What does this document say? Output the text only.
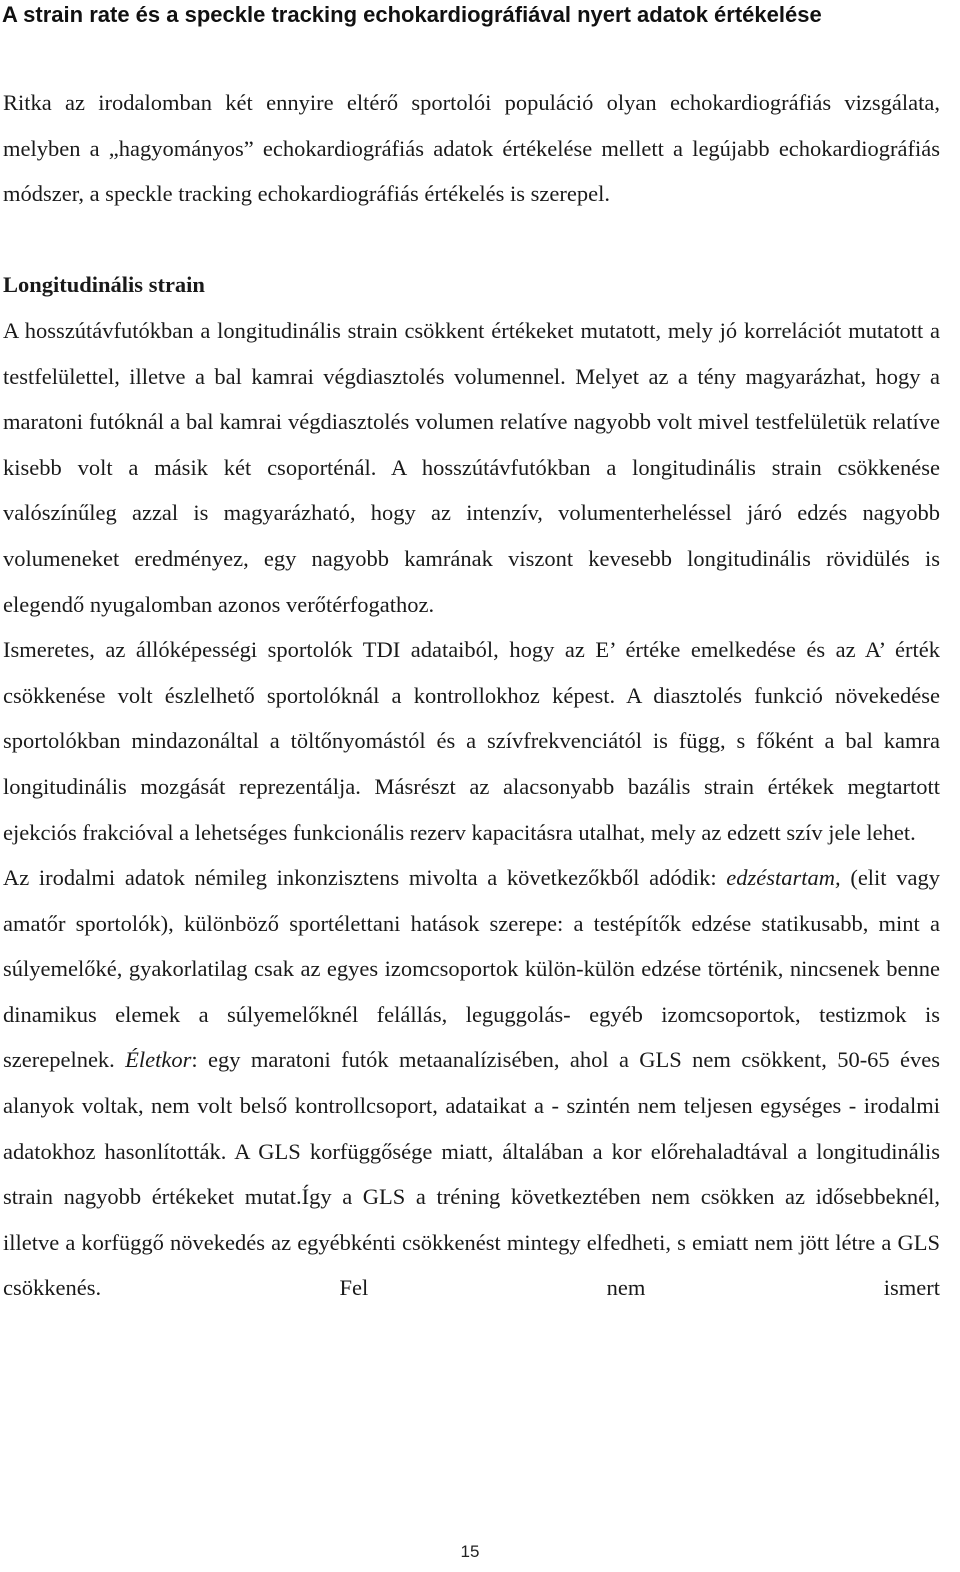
A strain rate és a speckle tracking echokardiográfiával nyert adatok értékelése

Ritka az irodalomban két ennyire eltérő sportolói populáció olyan echokardiográfiás vizsgálata, melyben a „hagyományos” echokardiográfiás adatok értékelése mellett a legújabb echokardiográfiás módszer, a speckle tracking echokardiográfiás értékelés is szerepel.

Longitudinális strain

A hosszútávfutókban a longitudinális strain csökkent értékeket mutatott, mely jó korrelációt mutatott a testfelülettel, illetve a bal kamrai végdiasztolés volumennel. Melyet az a tény magyarázhat, hogy a maratoni futóknál a bal kamrai végdiasztolés volumen relatíve nagyobb volt mivel testfelületük relatíve kisebb volt a másik két csoporténál. A hosszútávfutókban a longitudinális strain csökkenése valószínűleg azzal is magyarázható, hogy az intenzív, volumenterheléssel járó edzés nagyobb volumeneket eredményez, egy nagyobb kamrának viszont kevesebb longitudinális rövidülés is elegendő nyugalomban azonos verőtérfogathoz.

Ismeretes, az állóképességi sportolók TDI adataiból, hogy az E’ értéke emelkedése és az A’ érték csökkenése volt észlelhető sportolóknál a kontrollokhoz képest. A diasztolés funkció növekedése sportolókban mindazonáltal a töltőnyomástól és a szívfrekvenciától is függ, s főként a bal kamra longitudinális mozgását reprezentálja. Másrészt az alacsonyabb bazális strain értékek megtartott ejekciós frakcióval a lehetséges funkcionális rezerv kapacitásra utalhat, mely az edzett szív jele lehet.

Az irodalmi adatok némileg inkonzisztens mivolta a következőkből adódik: edzéstartam, (elit vagy amatőr sportolók), különböző sportélettani hatások szerepe: a testépítők edzése statikusabb, mint a súlyemelőké, gyakorlatilag csak az egyes izomcsoportok külön-külön edzése történik, nincsenek benne dinamikus elemek a súlyemelőknél felállás, leguggolás- egyéb izomcsoportok, testizmok is szerepelnek. Életkor: egy maratoni futók metaanalízisében, ahol a GLS nem csökkent, 50-65 éves alanyok voltak, nem volt belső kontrollcsoport, adataikat a - szintén nem teljesen egységes - irodalmi adatokhoz hasonlították. A GLS korfüggősége miatt, általában a kor előrehaladtával a longitudinális strain nagyobb értékeket mutat.Így a GLS a tréning következtében nem csökken az idősebbeknél, illetve a korfüggő növekedés az egyébkénti csökkenést mintegy elfedheti, s emiatt nem jött létre a GLS csökkenés. Fel nem ismert

15
